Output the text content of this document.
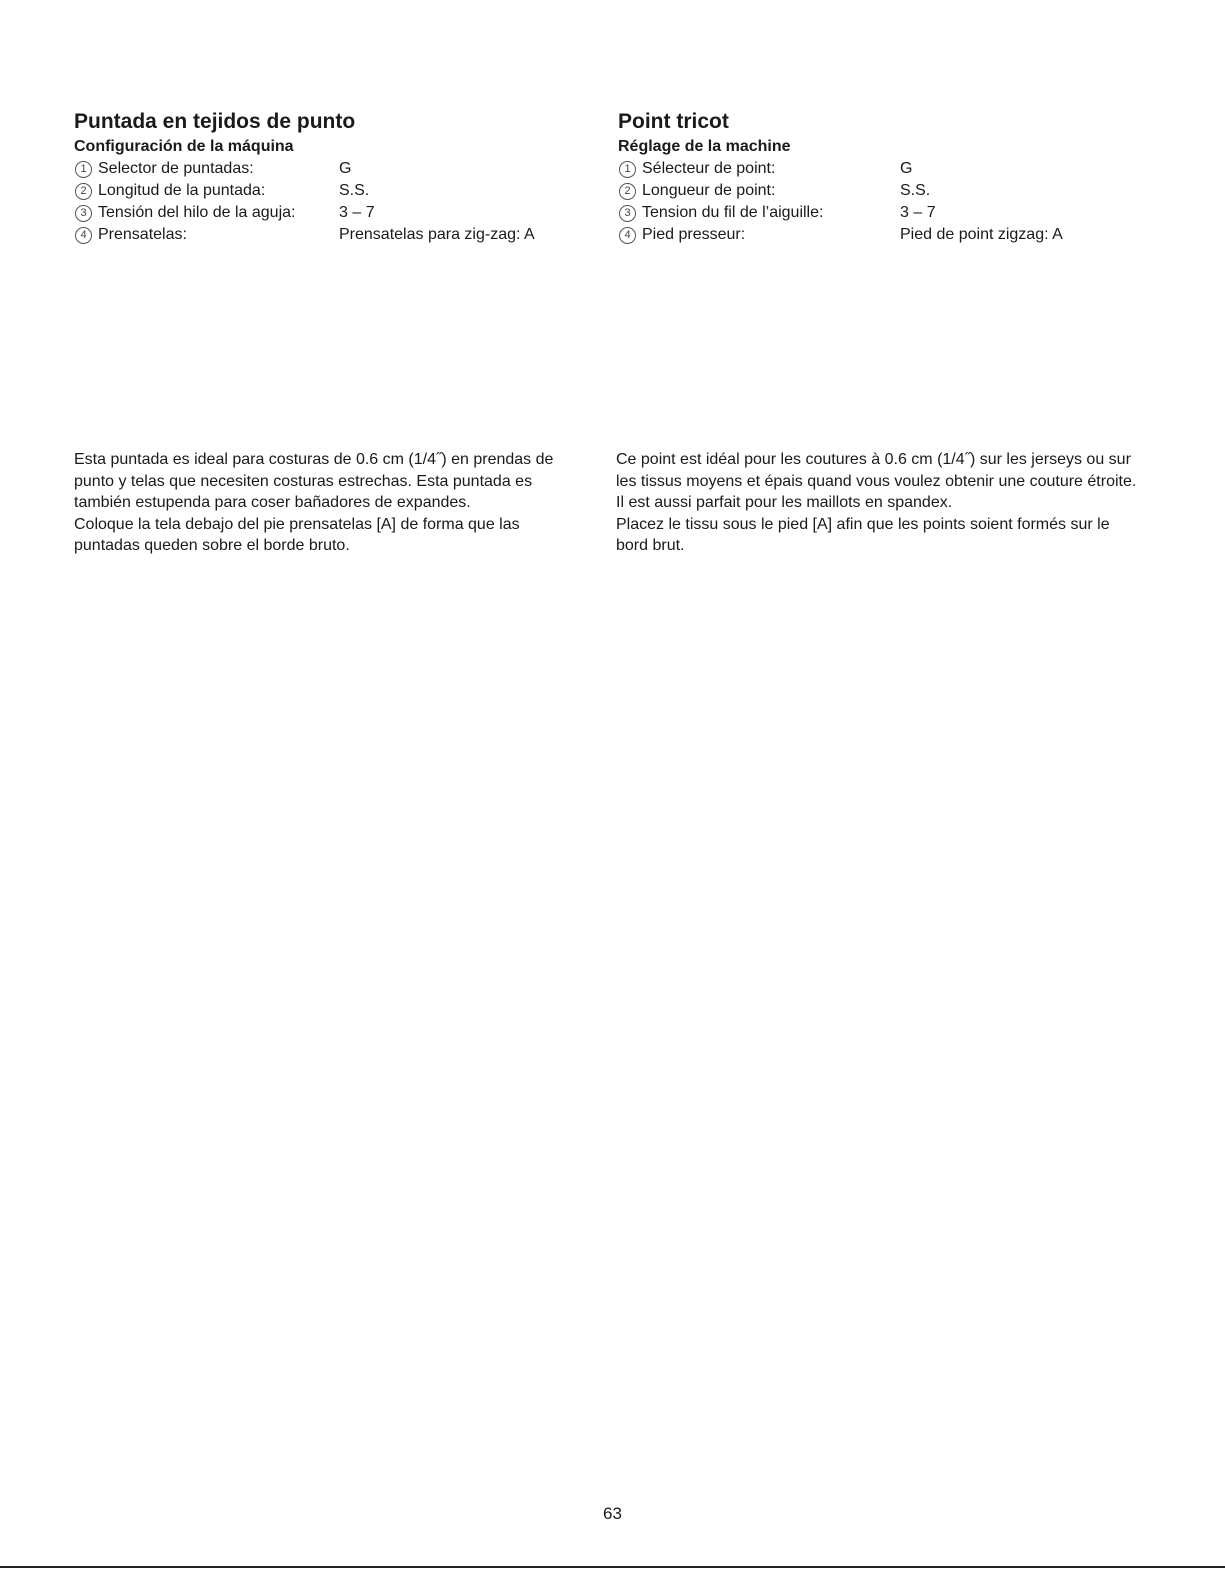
Puntada en tejidos de punto
Configuración de la máquina
1 Selector de puntadas:	G
2 Longitud de la puntada:	S.S.
3 Tensión del hilo de la aguja:	3 – 7
4 Prensatelas:	Prensatelas para zig-zag: A
Point tricot
Réglage de la machine
1 Sélecteur de point:	G
2 Longueur de point:	S.S.
3 Tension du fil de l’aiguille:	3 – 7
4 Pied presseur:	Pied de point zigzag: A

Esta puntada es ideal para costuras de 0.6 cm (1/4˝) en prendas de punto y telas que necesiten costuras estrechas. Esta puntada es también estupenda para coser bañadores de expandes.

Coloque la tela debajo del pie prensatelas [A] de forma que las puntadas queden sobre el borde bruto.

Ce point est idéal pour les coutures à 0.6 cm (1/4˝) sur les jerseys ou sur les tissus moyens et épais quand vous voulez obtenir une couture étroite.

Il est aussi parfait pour les maillots en spandex.

Placez le tissu sous le pied [A] afin que les points soient formés sur le bord brut.

63
